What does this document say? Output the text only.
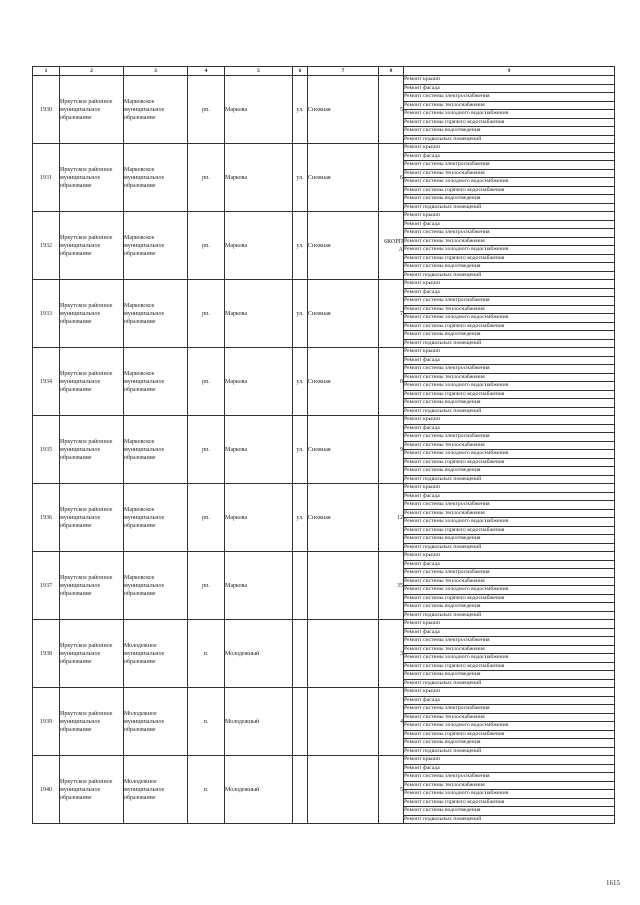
1	2	3	4	5	6	7	8	9
1930	Иркутское районное муниципальное образование	Марковское муниципальное образование	рп.	Маркова	ул.	Снежная	5	Ремонт крыши
								Ремонт фасада
								Ремонт системы электроснабжения
								Ремонт системы теплоснабжения
								Ремонт системы холодного водоснабжения
								Ремонт системы горячего водоснабжения
								Ремонт системы водоотведения
								Ремонт подвальных помещений
1931	Иркутское районное муниципальное образование	Марковское муниципальное образование	рп.	Маркова	ул.	Снежная	6	Ремонт крыши
								Ремонт фасада
								Ремонт системы электроснабжения
								Ремонт системы теплоснабжения
								Ремонт системы холодного водоснабжения
								Ремонт системы горячего водоснабжения
								Ремонт системы водоотведения
								Ремонт подвальных помещений
1932	Иркутское районное муниципальное образование	Марковское муниципальное образование	рп.	Маркова	ул.	Снежная	6КОРП А	Ремонт крыши
								Ремонт фасада
								Ремонт системы электроснабжения
								Ремонт системы теплоснабжения
								Ремонт системы холодного водоснабжения
								Ремонт системы горячего водоснабжения
								Ремонт системы водоотведения
								Ремонт подвальных помещений
1933	Иркутское районное муниципальное образование	Марковское муниципальное образование	рп.	Маркова	ул.	Снежная	7	Ремонт крыши
								Ремонт фасада
								Ремонт системы электроснабжения
								Ремонт системы теплоснабжения
								Ремонт системы холодного водоснабжения
								Ремонт системы горячего водоснабжения
								Ремонт системы водоотведения
								Ремонт подвальных помещений
1934	Иркутское районное муниципальное образование	Марковское муниципальное образование	рп.	Маркова	ул.	Снежная	8	Ремонт крыши
								Ремонт фасада
								Ремонт системы электроснабжения
								Ремонт системы теплоснабжения
								Ремонт системы холодного водоснабжения
								Ремонт системы горячего водоснабжения
								Ремонт системы водоотведения
								Ремонт подвальных помещений
1935	Иркутское районное муниципальное образование	Марковское муниципальное образование	рп.	Маркова	ул.	Снежная	9	Ремонт крыши
								Ремонт фасада
								Ремонт системы электроснабжения
								Ремонт системы теплоснабжения
								Ремонт системы холодного водоснабжения
								Ремонт системы горячего водоснабжения
								Ремонт системы водоотведения
								Ремонт подвальных помещений
1936	Иркутское районное муниципальное образование	Марковское муниципальное образование	рп.	Маркова	ул.	Снежная	12	Ремонт крыши
								Ремонт фасада
								Ремонт системы электроснабжения
								Ремонт системы теплоснабжения
								Ремонт системы холодного водоснабжения
								Ремонт системы горячего водоснабжения
								Ремонт системы водоотведения
								Ремонт подвальных помещений
1937	Иркутское районное муниципальное образование	Марковское муниципальное образование	рп.	Маркова			35	Ремонт крыши
								Ремонт фасада
								Ремонт системы электроснабжения
								Ремонт системы теплоснабжения
								Ремонт системы холодного водоснабжения
								Ремонт системы горячего водоснабжения
								Ремонт системы водоотведения
								Ремонт подвальных помещений
1938	Иркутское районное муниципальное образование	Молодежное муниципальное образование	п.	Молодежный			3	Ремонт крыши
								Ремонт фасада
								Ремонт системы электроснабжения
								Ремонт системы теплоснабжения
								Ремонт системы холодного водоснабжения
								Ремонт системы горячего водоснабжения
								Ремонт системы водоотведения
								Ремонт подвальных помещений
1939	Иркутское районное муниципальное образование	Молодежное муниципальное образование	п.	Молодежный			4	Ремонт крыши
								Ремонт фасада
								Ремонт системы электроснабжения
								Ремонт системы теплоснабжения
								Ремонт системы холодного водоснабжения
								Ремонт системы горячего водоснабжения
								Ремонт системы водоотведения
								Ремонт подвальных помещений
1940	Иркутское районное муниципальное образование	Молодежное муниципальное образование	п.	Молодежный			5	Ремонт крыши
								Ремонт фасада
								Ремонт системы электроснабжения
								Ремонт системы теплоснабжения
								Ремонт системы холодного водоснабжения
								Ремонт системы горячего водоснабжения
								Ремонт системы водоотведения
								Ремонт подвальных помещений
1615
